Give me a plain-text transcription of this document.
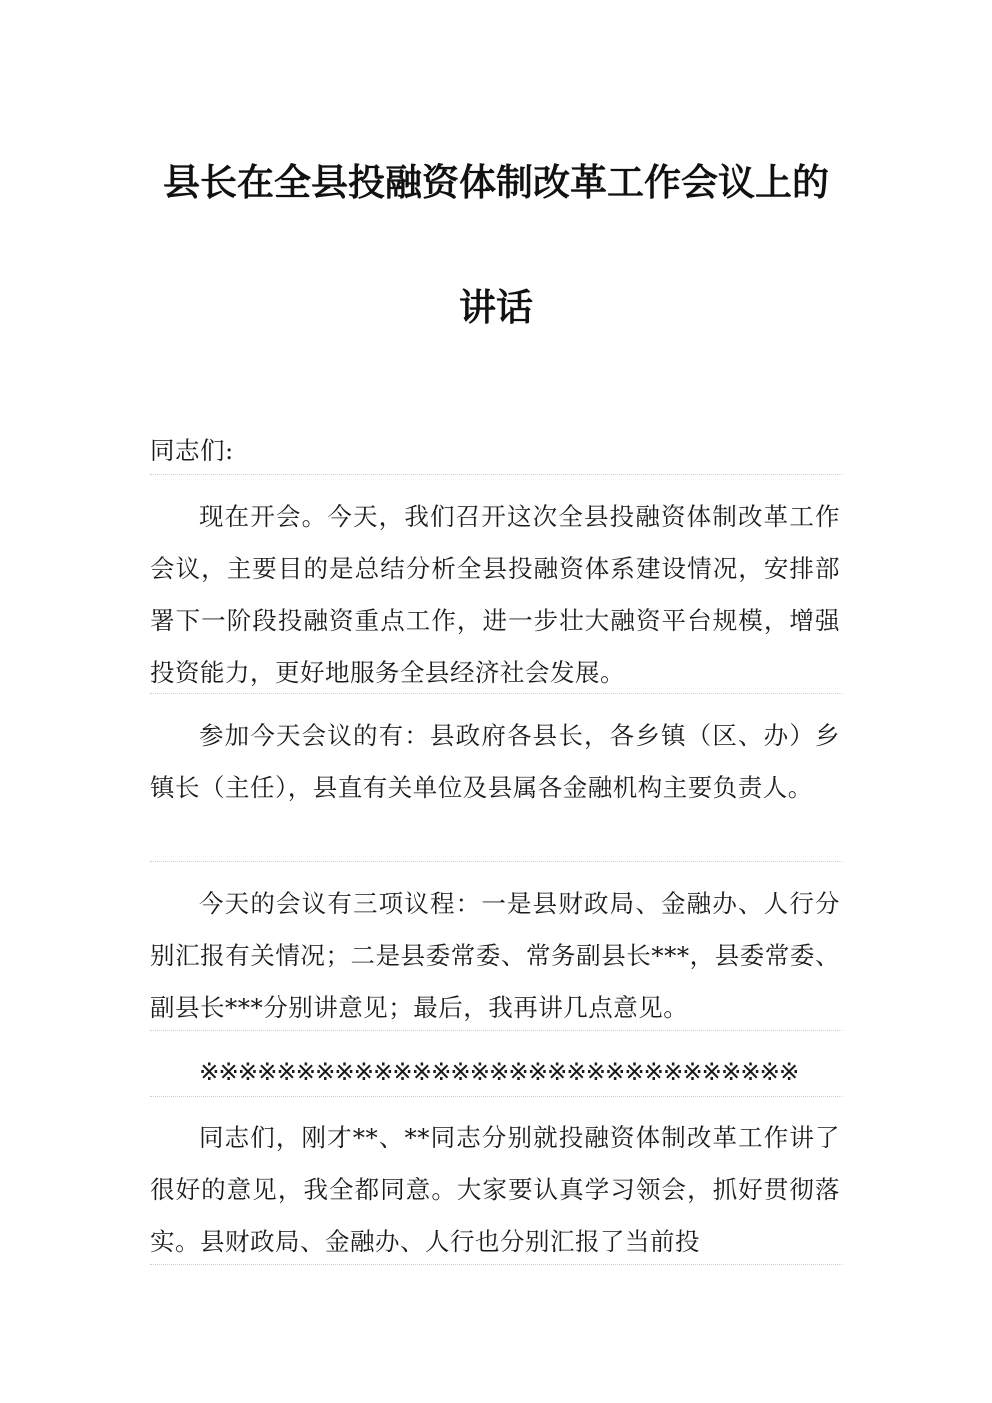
县长在全县投融资体制改革工作会议上的
讲话

同志们:

现在开会。今天，我们召开这次全县投融资体制改革工作会议，主要目的是总结分析全县投融资体系建设情况，安排部署下一阶段投融资重点工作，进一步壮大融资平台规模，增强投资能力，更好地服务全县经济社会发展。

参加今天会议的有：县政府各县长，各乡镇（区、办）乡镇长（主任），县直有关单位及县属各金融机构主要负责人。

今天的会议有三项议程：一是县财政局、金融办、人行分别汇报有关情况；二是县委常委、常务副县长***，县委常委、副县长***分别讲意见；最后，我再讲几点意见。

※※※※※※※※※※※※※※※※※※※※※※※※※※※※※※※

同志们，刚才**、**同志分别就投融资体制改革工作讲了很好的意见，我全都同意。大家要认真学习领会，抓好贯彻落实。县财政局、金融办、人行也分别汇报了当前投
